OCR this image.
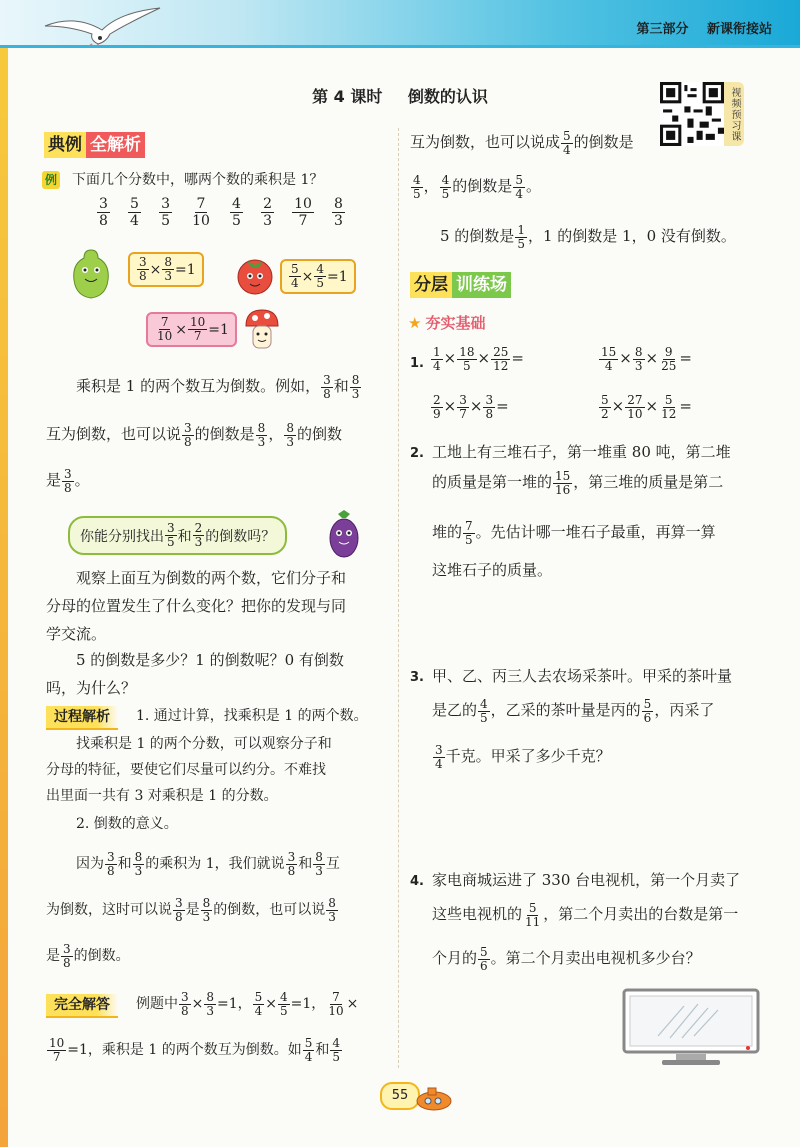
第三部分 新课衔接站
第 4 课时 倒数的认识	视频预习课
典例 全解析
例 下面几个分数中，哪两个数的乘积是 1？
$\frac{3}{8} \frac{5}{4} \frac{3}{5} \frac{7}{10} \frac{4}{5} \frac{2}{3} \frac{10}{7} \frac{8}{3}$
$\frac{3}{8} \times \frac{8}{3} =1$	$\frac{5}{4} \times \frac{4}{5} =1$
$\frac{7}{10} \times \frac{10}{7} =1$
乘积是 1 的两个数互为倒数。例如， $\frac{3}{8}$ 和 $\frac{8}{3}$
互为倒数，也可以说 $\frac{3}{8}$ 的倒数是 $\frac{8}{3}$ ， $\frac{8}{3}$ 的倒数
是 $\frac{3}{8}$ 。
你能分别找出 $\frac{3}{5}$ 和 $\frac{2}{3}$ 的倒数吗？
观察上面互为倒数的两个数，它们分子和
分母的位置发生了什么变化？把你的发现与同
学交流。
5 的倒数是多少？1 的倒数呢？0 有倒数
吗，为什么？
过程解析	1. 通过计算，找乘积是 1 的两个数。
找乘积是 1 的两个分数，可以观察分子和
分母的特征，要使它们尽量可以约分。不难找
出里面一共有 3 对乘积是 1 的分数。
2. 倒数的意义。
因为 $\frac{3}{8}$ 和 $\frac{8}{3}$ 的乘积为 1，我们就说 $\frac{3}{8}$ 和 $\frac{8}{3}$ 互
为倒数，这时可以说 $\frac{3}{8}$ 是 $\frac{8}{3}$ 的倒数，也可以说 $\frac{8}{3}$
是 $\frac{3}{8}$ 的倒数。
完全解答	例题中 $\frac{3}{8} \times \frac{8}{3} =1$， $\frac{5}{4} \times \frac{4}{5} =1$， $\frac{7}{10}$ ×
$\frac{10}{7} =1$，乘积是 1 的两个数互为倒数。如 $\frac{5}{4}$ 和 $\frac{4}{5}$
互为倒数，也可以说成 $\frac{5}{4}$ 的倒数是
$\frac{4}{5}$ ， $\frac{4}{5}$ 的倒数是 $\frac{5}{4}$ 。
5 的倒数是 $\frac{1}{5}$ ，1 的倒数是 1，0 没有倒数。
分层 训练场
★ 夯实基础
1. $\frac{1}{4} \times \frac{18}{5} \times \frac{25}{12}$ =	$\frac{15}{4} \times \frac{8}{3} \times \frac{9}{25}$ =
$\frac{2}{9} \times \frac{3}{7} \times \frac{3}{8}$ =	$\frac{5}{2} \times \frac{27}{10} \times \frac{5}{12}$ =
2. 工地上有三堆石子，第一堆重 80 吨，第二堆
的质量是第一堆的 $\frac{15}{16}$ ，第三堆的质量是第二
堆的 $\frac{7}{5}$ 。先估计哪一堆石子最重，再算一算
这堆石子的质量。
3. 甲、乙、丙三人去农场采茶叶。甲采的茶叶量
是乙的 $\frac{4}{5}$ ，乙采的茶叶量是丙的 $\frac{5}{6}$ ，丙采了
$\frac{3}{4}$ 千克。甲采了多少千克？
4. 家电商城运进了 330 台电视机，第一个月卖了
这些电视机的 $\frac{5}{11}$ ，第二个月卖出的台数是第一
个月的 $\frac{5}{6}$ 。第二个月卖出电视机多少台？
55
